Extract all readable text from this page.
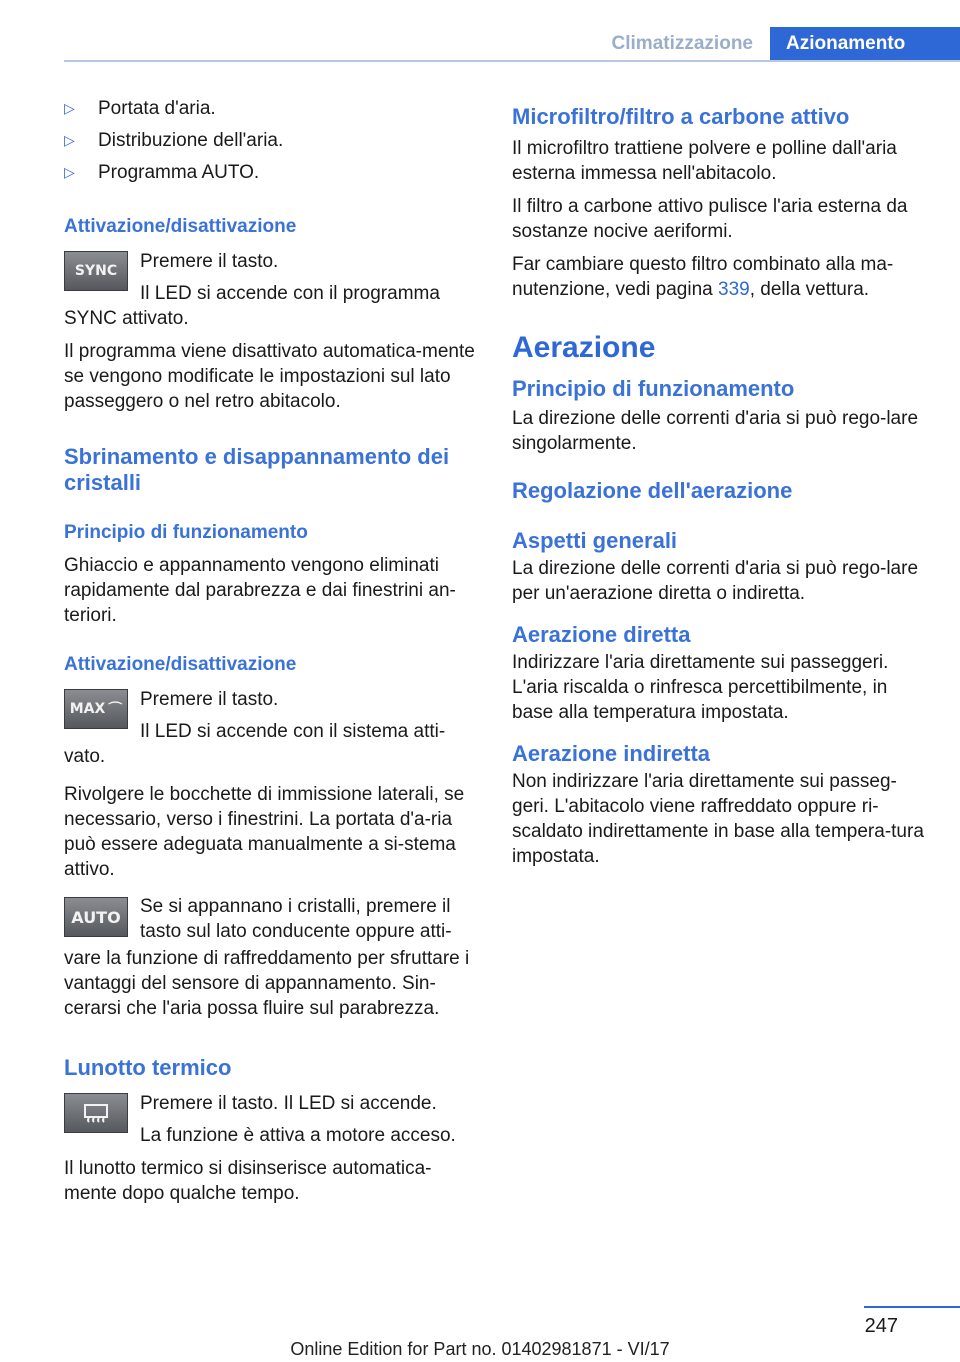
Climatizzazione	Azionamento
▷ Portata d'aria.
▷ Distribuzione dell'aria.
▷ Programma AUTO.
Attivazione/disattivazione
SYNC	Premere il tasto.

Il LED si accende con il programma

SYNC attivato.

Il programma viene disattivato automatica-mente se vengono modificate le impostazioni sul lato passeggero o nel retro abitacolo.

Sbrinamento e disappannamento dei cristalli
Principio di funzionamento

Ghiaccio e appannamento vengono eliminati rapidamente dal parabrezza e dai finestrini an-teriori.

Attivazione/disattivazione
MAX ⌒ Premere il tasto.

Il LED si accende con il sistema atti-

vato.

Rivolgere le bocchette di immissione laterali, se necessario, verso i finestrini. La portata d'a-ria può essere adeguata manualmente a si-stema attivo.

AUTO	Se si appannano i cristalli, premere il

tasto sul lato conducente oppure atti-

vare la funzione di raffreddamento per sfruttare i vantaggi del sensore di appannamento. Sin-cerarsi che l'aria possa fluire sul parabrezza.

Lunotto termico

Premere il tasto. Il LED si accende.

La funzione è attiva a motore acceso.

Il lunotto termico si disinserisce automatica-mente dopo qualche tempo.

Microfiltro/filtro a carbone attivo

Il microfiltro trattiene polvere e polline dall'aria esterna immessa nell'abitacolo.

Il filtro a carbone attivo pulisce l'aria esterna da sostanze nocive aeriformi.

Far cambiare questo filtro combinato alla ma-nutenzione, vedi pagina 339, della vettura.

Aerazione
Principio di funzionamento

La direzione delle correnti d'aria si può rego-lare singolarmente.

Regolazione dell'aerazione
Aspetti generali

La direzione delle correnti d'aria si può rego-lare per un'aerazione diretta o indiretta.

Aerazione diretta

Indirizzare l'aria direttamente sui passeggeri. L'aria riscalda o rinfresca percettibilmente, in base alla temperatura impostata.

Aerazione indiretta

Non indirizzare l'aria direttamente sui passeg-geri. L'abitacolo viene raffreddato oppure ri-scaldato indirettamente in base alla tempera-tura impostata.

247
Online Edition for Part no. 01402981871 - VI/17
